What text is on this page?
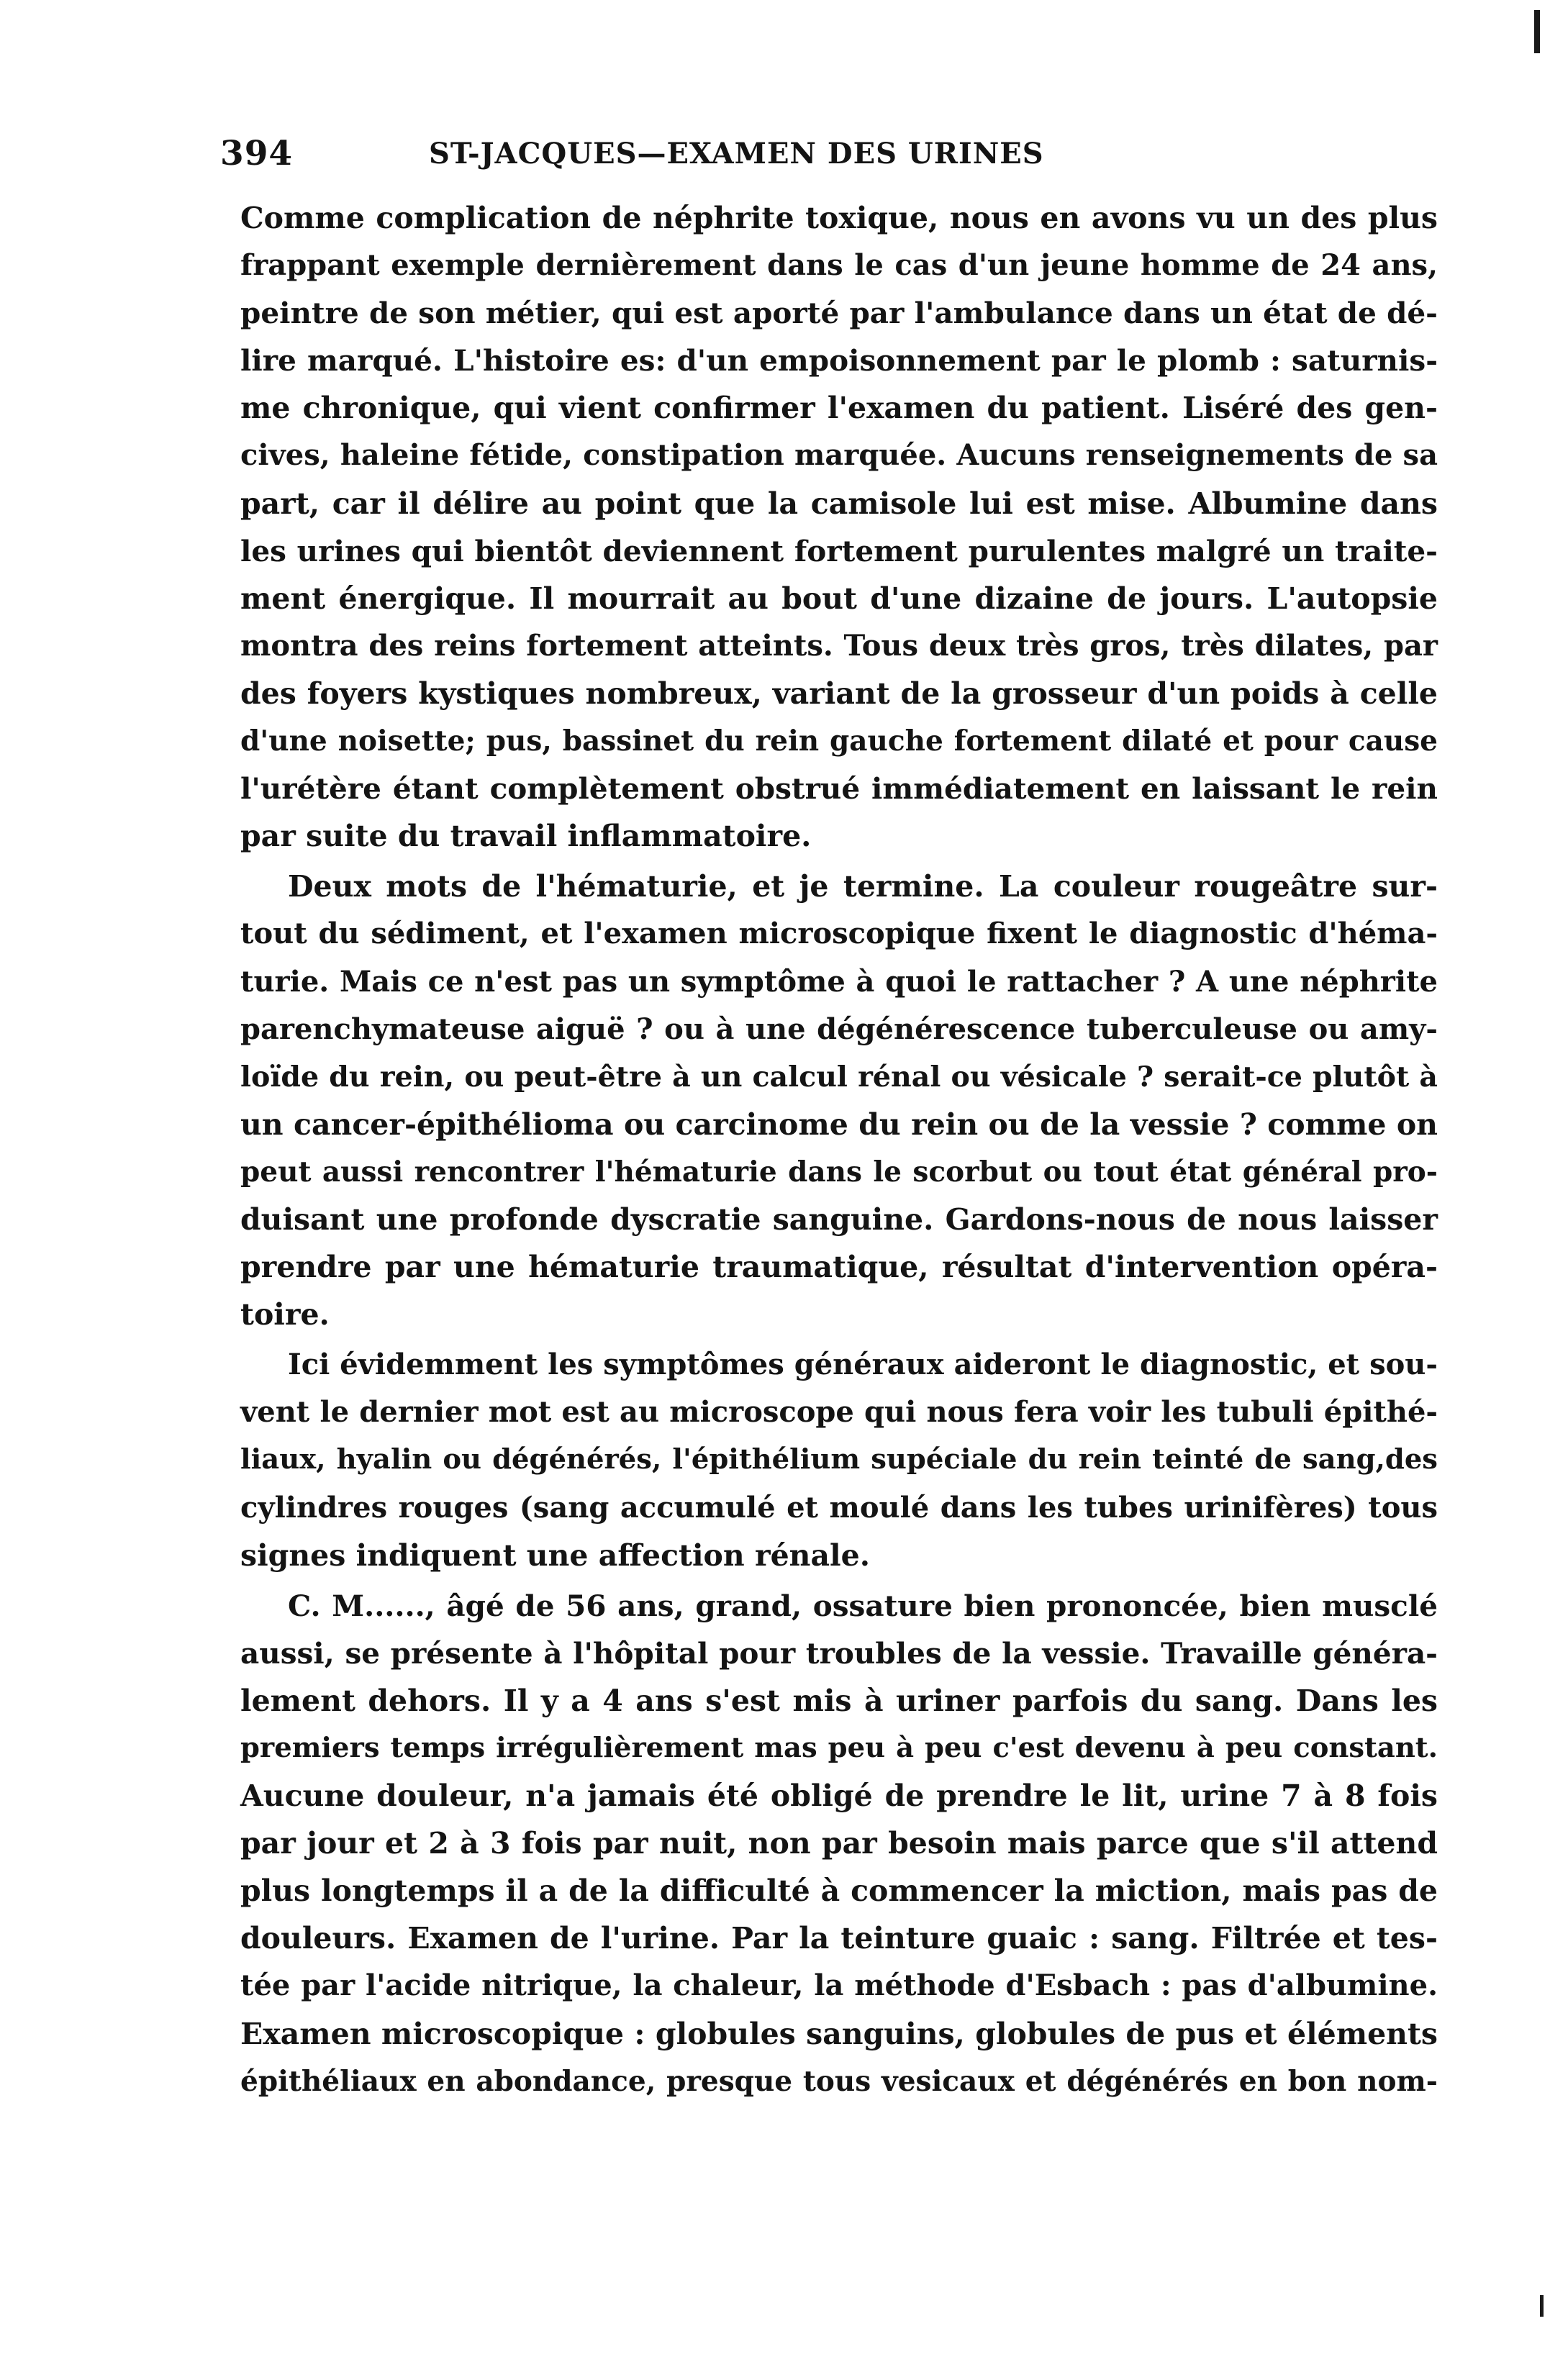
394	ST-JACQUES—EXAMEN DES URINES
Comme complication de néphrite toxique, nous en avons vu un des plus
frappant exemple dernièrement dans le cas d'un jeune homme de 24 ans,
peintre de son métier, qui est aporté par l'ambulance dans un état de dé-
lire marqué. L'histoire es: d'un empoisonnement par le plomb : saturnis-
me chronique, qui vient confirmer l'examen du patient. Liséré des gen-
cives, haleine fétide, constipation marquée. Aucuns renseignements de sa
part, car il délire au point que la camisole lui est mise. Albumine dans
les urines qui bientôt deviennent fortement purulentes malgré un traite-
ment énergique. Il mourrait au bout d'une dizaine de jours. L'autopsie
montra des reins fortement atteints. Tous deux très gros, très dilates, par
des foyers kystiques nombreux, variant de la grosseur d'un poids à celle
d'une noisette; pus, bassinet du rein gauche fortement dilaté et pour cause
l'urétère étant complètement obstrué immédiatement en laissant le rein
par suite du travail inflammatoire.
Deux mots de l'hématurie, et je termine. La couleur rougeâtre sur-
tout du sédiment, et l'examen microscopique fixent le diagnostic d'héma-
turie. Mais ce n'est pas un symptôme à quoi le rattacher ? A une néphrite
parenchymateuse aiguë ? ou à une dégénérescence tuberculeuse ou amy-
loïde du rein, ou peut-être à un calcul rénal ou vésicale ? serait-ce plutôt à
un cancer-épithélioma ou carcinome du rein ou de la vessie ? comme on
peut aussi rencontrer l'hématurie dans le scorbut ou tout état général pro-
duisant une profonde dyscratie sanguine. Gardons-nous de nous laisser
prendre par une hématurie traumatique, résultat d'intervention opéra-
toire.
Ici évidemment les symptômes généraux aideront le diagnostic, et sou-
vent le dernier mot est au microscope qui nous fera voir les tubuli épithé-
liaux, hyalin ou dégénérés, l'épithélium supéciale du rein teinté de sang,des
cylindres rouges (sang accumulé et moulé dans les tubes urinifères) tous
signes indiquent une affection rénale.
C. M......, âgé de 56 ans, grand, ossature bien prononcée, bien musclé
aussi, se présente à l'hôpital pour troubles de la vessie. Travaille généra-
lement dehors. Il y a 4 ans s'est mis à uriner parfois du sang. Dans les
premiers temps irrégulièrement mas peu à peu c'est devenu à peu constant.
Aucune douleur, n'a jamais été obligé de prendre le lit, urine 7 à 8 fois
par jour et 2 à 3 fois par nuit, non par besoin mais parce que s'il attend
plus longtemps il a de la difficulté à commencer la miction, mais pas de
douleurs. Examen de l'urine. Par la teinture guaic : sang. Filtrée et tes-
tée par l'acide nitrique, la chaleur, la méthode d'Esbach : pas d'albumine.
Examen microscopique : globules sanguins, globules de pus et éléments
épithéliaux en abondance, presque tous vesicaux et dégénérés en bon nom-
